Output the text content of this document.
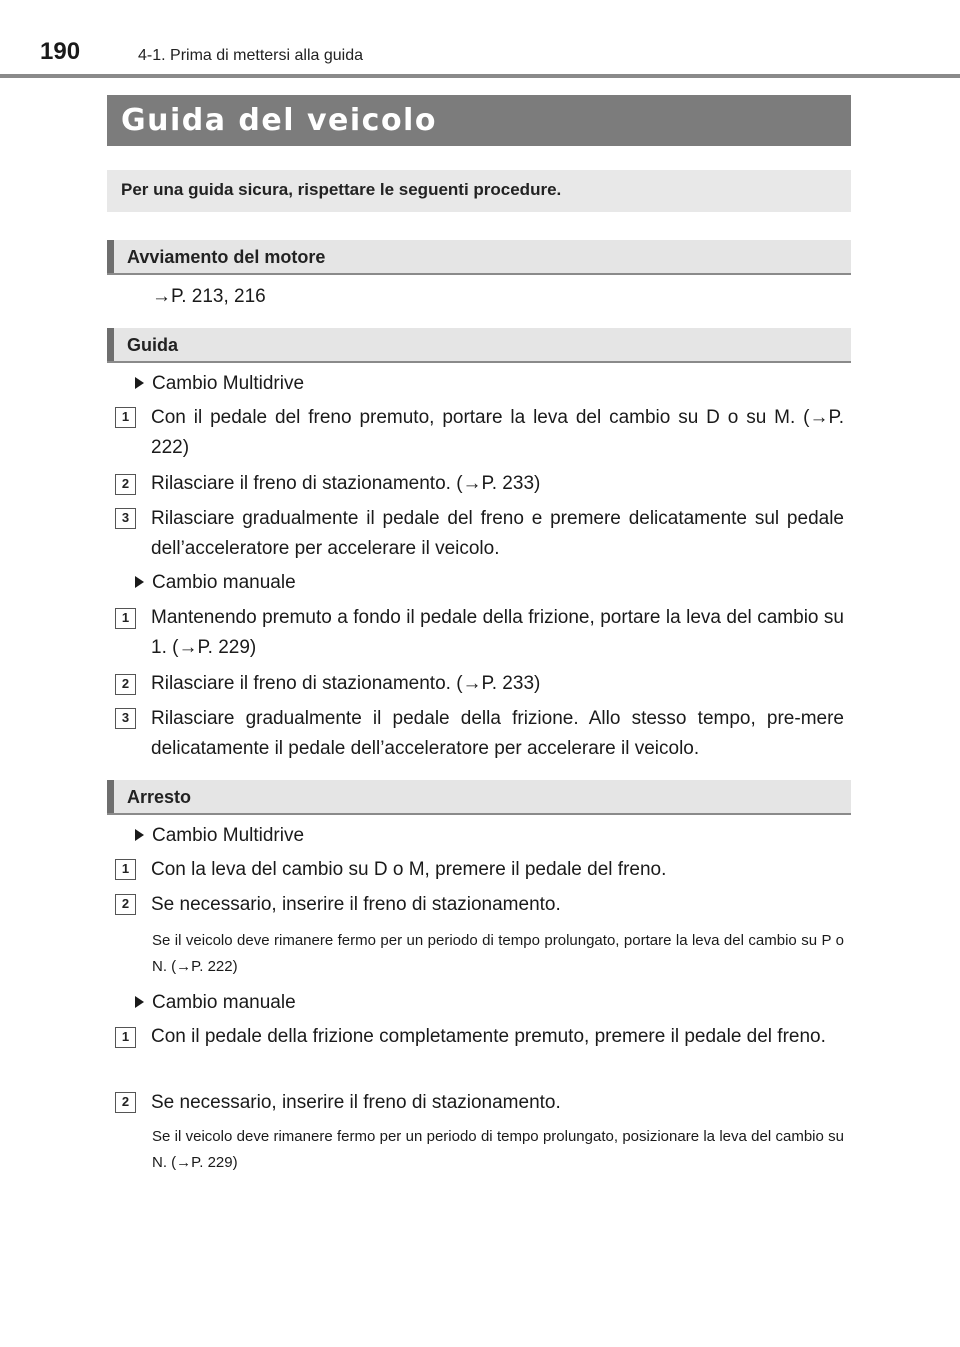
190	4-1. Prima di mettersi alla guida
Guida del veicolo
Per una guida sicura, rispettare le seguenti procedure.
Avviamento del motore
→P. 213, 216
Guida
Cambio Multidrive
1	Con il pedale del freno premuto, portare la leva del cambio su D o su M. (→P. 222)
2	Rilasciare il freno di stazionamento. (→P. 233)
3	Rilasciare gradualmente il pedale del freno e premere delicatamente sul pedale dell’acceleratore per accelerare il veicolo.
Cambio manuale
1	Mantenendo premuto a fondo il pedale della frizione, portare la leva del cambio su 1. (→P. 229)
2	Rilasciare il freno di stazionamento. (→P. 233)
3	Rilasciare gradualmente il pedale della frizione. Allo stesso tempo, pre-mere delicatamente il pedale dell’acceleratore per accelerare il veicolo.
Arresto
Cambio Multidrive
1	Con la leva del cambio su D o M, premere il pedale del freno.
2	Se necessario, inserire il freno di stazionamento.
Se il veicolo deve rimanere fermo per un periodo di tempo prolungato, portare la leva del cambio su P o N. (→P. 222)
Cambio manuale
1	Con il pedale della frizione completamente premuto, premere il pedale del freno.
2	Se necessario, inserire il freno di stazionamento.
Se il veicolo deve rimanere fermo per un periodo di tempo prolungato, posizionare la leva del cambio su N. (→P. 229)
